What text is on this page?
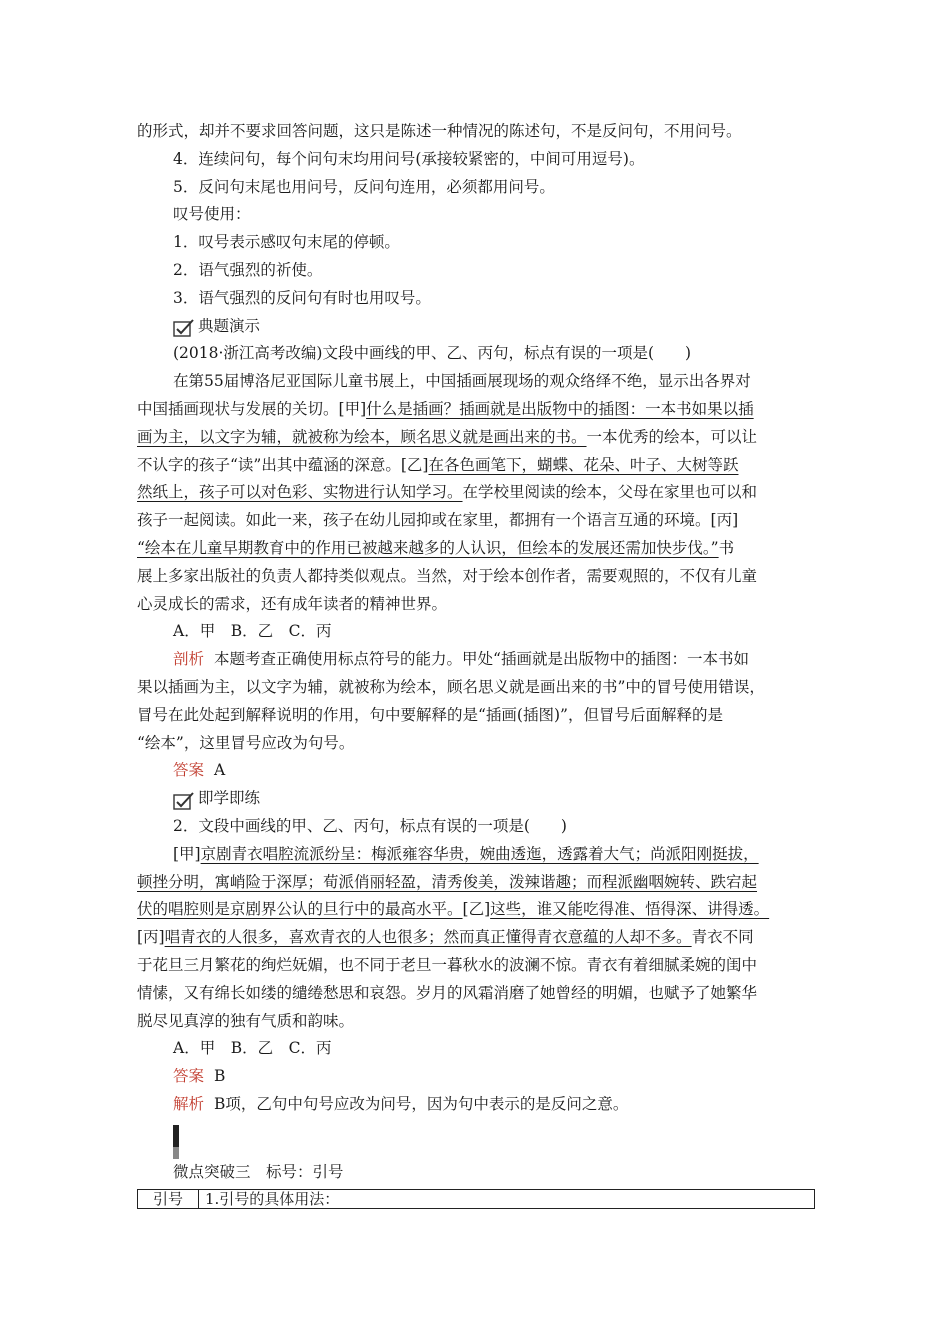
的形式，却并不要求回答问题，这只是陈述一种情况的陈述句，不是反问句，不用问号。
4．连续问句，每个问句末均用问号(承接较紧密的，中间可用逗号)。
5．反问句末尾也用问号，反问句连用，必须都用问号。
叹号使用：
1．叹号表示感叹句末尾的停顿。
2．语气强烈的祈使。
3．语气强烈的反问句有时也用叹号。
典题演示
(2018·浙江高考改编)文段中画线的甲、乙、丙句，标点有误的一项是(　　)
在第55届博洛尼亚国际儿童书展上，中国插画展现场的观众络绎不绝，显示出各界对
中国插画现状与发展的关切。[甲]什么是插画？插画就是出版物中的插图：一本书如果以插
画为主，以文字为辅，就被称为绘本，顾名思义就是画出来的书。一本优秀的绘本，可以让
不认字的孩子“读”出其中蕴涵的深意。[乙]在各色画笔下，蝴蝶、花朵、叶子、大树等跃
然纸上，孩子可以对色彩、实物进行认知学习。在学校里阅读的绘本，父母在家里也可以和
孩子一起阅读。如此一来，孩子在幼儿园抑或在家里，都拥有一个语言互通的环境。[丙]
“绘本在儿童早期教育中的作用已被越来越多的人认识，但绘本的发展还需加快步伐。”书
展上多家出版社的负责人都持类似观点。当然，对于绘本创作者，需要观照的，不仅有儿童
心灵成长的需求，还有成年读者的精神世界。
A．甲　B．乙　C．丙
剖析 本题考查正确使用标点符号的能力。甲处“插画就是出版物中的插图：一本书如
果以插画为主，以文字为辅，就被称为绘本，顾名思义就是画出来的书”中的冒号使用错误，
冒号在此处起到解释说明的作用，句中要解释的是“插画(插图)”，但冒号后面解释的是
“绘本”，这里冒号应改为句号。
答案 A
即学即练
2．文段中画线的甲、乙、丙句，标点有误的一项是(　　)
[甲]京剧青衣唱腔流派纷呈：梅派雍容华贵，婉曲透迤，透露着大气；尚派阳刚挺拔，
顿挫分明，寓峭险于深厚；荀派俏丽轻盈，清秀俊美，泼辣谐趣；而程派幽咽婉转、跌宕起
伏的唱腔则是京剧界公认的旦行中的最高水平。[乙]这些，谁又能吃得准、悟得深、讲得透。
[丙]唱青衣的人很多，喜欢青衣的人也很多；然而真正懂得青衣意蕴的人却不多。青衣不同
于花旦三月繁花的绚烂妩媚，也不同于老旦一暮秋水的波澜不惊。青衣有着细腻柔婉的闺中
情愫，又有绵长如缕的缱绻愁思和哀怨。岁月的风霜消磨了她曾经的明媚，也赋予了她繁华
脱尽见真淳的独有气质和韵味。
A．甲　B．乙　C．丙
答案 B
解析 B项，乙句中句号应改为问号，因为句中表示的是反问之意。
微点突破三　标号：引号
引号	1.引号的具体用法：
